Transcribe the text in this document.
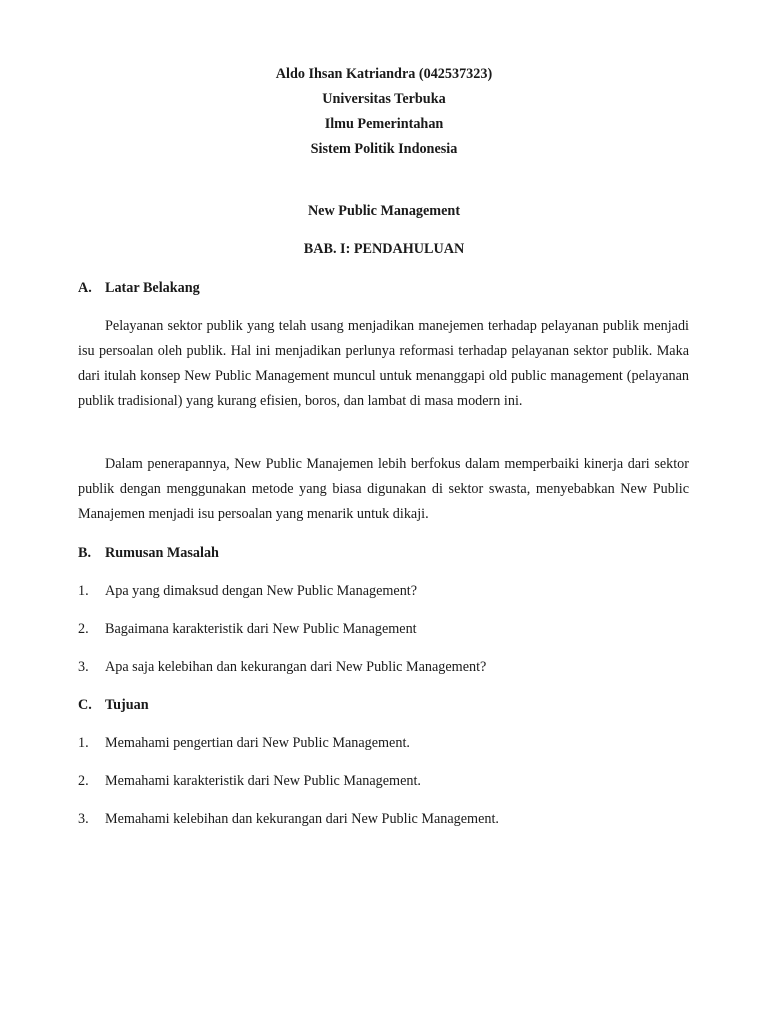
Aldo Ihsan Katriandra (042537323)
Universitas Terbuka
Ilmu Pemerintahan
Sistem Politik Indonesia
New Public Management
BAB. I: PENDAHULUAN
A. Latar Belakang

Pelayanan sektor publik yang telah usang menjadikan manejemen terhadap pelayanan publik menjadi isu persoalan oleh publik. Hal ini menjadikan perlunya reformasi terhadap pelayanan sektor publik. Maka dari itulah konsep New Public Management muncul untuk menanggapi old public management (pelayanan publik tradisional) yang kurang efisien, boros, dan lambat di masa modern ini.

Dalam penerapannya, New Public Manajemen lebih berfokus dalam memperbaiki kinerja dari sektor publik dengan menggunakan metode yang biasa digunakan di sektor swasta, menyebabkan New Public Manajemen menjadi isu persoalan yang menarik untuk dikaji.

B. Rumusan Masalah
1. Apa yang dimaksud dengan New Public Management?
2. Bagaimana karakteristik dari New Public Management
3. Apa saja kelebihan dan kekurangan dari New Public Management?
C. Tujuan
1. Memahami pengertian dari New Public Management.
2. Memahami karakteristik dari New Public Management.
3. Memahami kelebihan dan kekurangan dari New Public Management.
